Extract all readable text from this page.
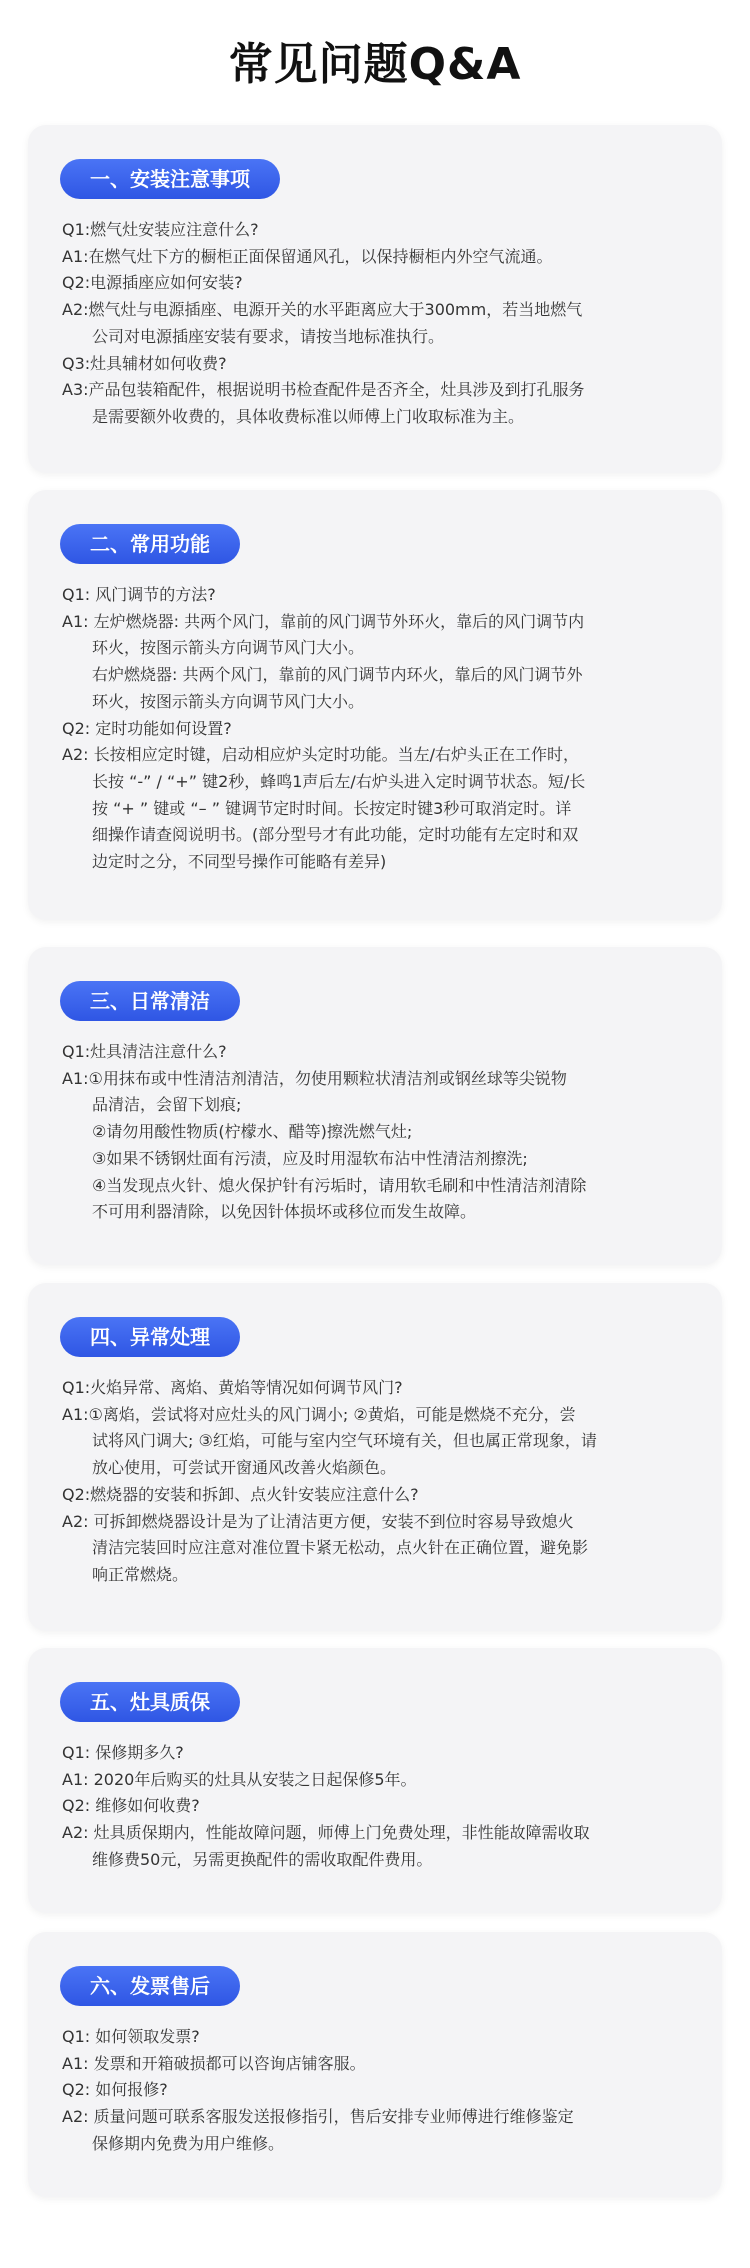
常见问题Q&A
一、安装注意事项
Q1:燃气灶安装应注意什么?
A1:在燃气灶下方的橱柜正面保留通风孔，以保持橱柜内外空气流通。
Q2:电源插座应如何安装?
A2:燃气灶与电源插座、电源开关的水平距离应大于300mm，若当地燃气
公司对电源插座安装有要求，请按当地标准执行。
Q3:灶具辅材如何收费?
A3:产品包装箱配件，根据说明书检查配件是否齐全，灶具涉及到打孔服务
是需要额外收费的，具体收费标准以师傅上门收取标准为主。
二、常用功能
Q1: 风门调节的方法?
A1: 左炉燃烧器: 共两个风门，靠前的风门调节外环火，靠后的风门调节内
环火，按图示箭头方向调节风门大小。
右炉燃烧器: 共两个风门，靠前的风门调节内环火，靠后的风门调节外
环火，按图示箭头方向调节风门大小。
Q2: 定时功能如何设置?
A2: 长按相应定时键，启动相应炉头定时功能。当左/右炉头正在工作时，
长按 “-” / “+” 键2秒，蜂鸣1声后左/右炉头进入定时调节状态。短/长
按 “+ ” 键或 “– ” 键调节定时时间。长按定时键3秒可取消定时。详
细操作请查阅说明书。(部分型号才有此功能，定时功能有左定时和双
边定时之分，不同型号操作可能略有差异)
三、日常清洁
Q1:灶具清洁注意什么?
A1:①用抹布或中性清洁剂清洁，勿使用颗粒状清洁剂或钢丝球等尖锐物
品清洁，会留下划痕;
②请勿用酸性物质(柠檬水、醋等)擦洗燃气灶;
③如果不锈钢灶面有污渍，应及时用湿软布沾中性清洁剂擦洗;
④当发现点火针、熄火保护针有污垢时，请用软毛刷和中性清洁剂清除
不可用利器清除，以免因针体损坏或移位而发生故障。
四、异常处理
Q1:火焰异常、离焰、黄焰等情况如何调节风门?
A1:①离焰，尝试将对应灶头的风门调小; ②黄焰，可能是燃烧不充分，尝
试将风门调大; ③红焰，可能与室内空气环境有关，但也属正常现象，请
放心使用，可尝试开窗通风改善火焰颜色。
Q2:燃烧器的安装和拆卸、点火针安装应注意什么?
A2: 可拆卸燃烧器设计是为了让清洁更方便，安装不到位时容易导致熄火
清洁完装回时应注意对准位置卡紧无松动，点火针在正确位置，避免影
响正常燃烧。
五、灶具质保
Q1: 保修期多久?
A1: 2020年后购买的灶具从安装之日起保修5年。
Q2: 维修如何收费?
A2: 灶具质保期内，性能故障问题，师傅上门免费处理，非性能故障需收取
维修费50元，另需更换配件的需收取配件费用。
六、发票售后
Q1: 如何领取发票?
A1: 发票和开箱破损都可以咨询店铺客服。
Q2: 如何报修?
A2: 质量问题可联系客服发送报修指引，售后安排专业师傅进行维修鉴定
保修期内免费为用户维修。
